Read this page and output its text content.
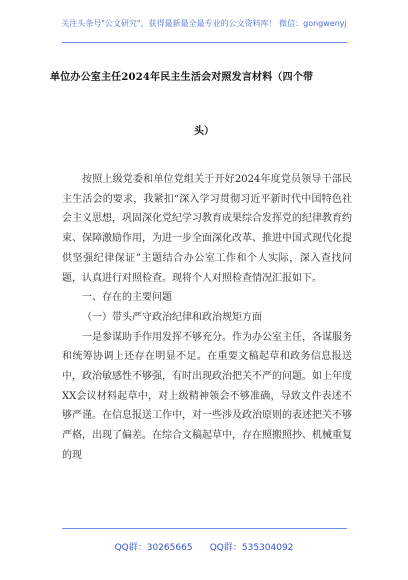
关注头条号"公文研究"，获得最新最全最专业的公文资料库！ 微信：gongwenyj
单位办公室主任2024年民主生活会对照发言材料（四个带
头）

按照上级党委和单位党组关于开好2024年度党员领导干部民主生活会的要求，我紧扣“深入学习贯彻习近平新时代中国特色社会主义思想，巩固深化党纪学习教育成果综合发挥党的纪律教育约束、保障激励作用，为进一步全面深化改革、推进中国式现代化提供坚强纪律保证”主题结合办公室工作和个人实际，深入查找问题，认真进行对照检查。现将个人对照检查情况汇报如下。

一、存在的主要问题

（一）带头严守政治纪律和政治规矩方面

一是参谋助手作用发挥不够充分。作为办公室主任，各谋服务和统筹协调上还存在明显不足。在重要文稿起草和政务信息报送中，政治敏感性不够强，有时出现政治把关不严的问题。如上年度XX会议材料起草中，对上级精神领会不够准确，导致文件表述不够严谨。在信息报送工作中，对一些涉及政治原则的表述把关不够严格，出现了偏差。在综合文稿起草中，存在照搬照抄、机械重复的现

QQ群：30265665      QQ群：535304092
